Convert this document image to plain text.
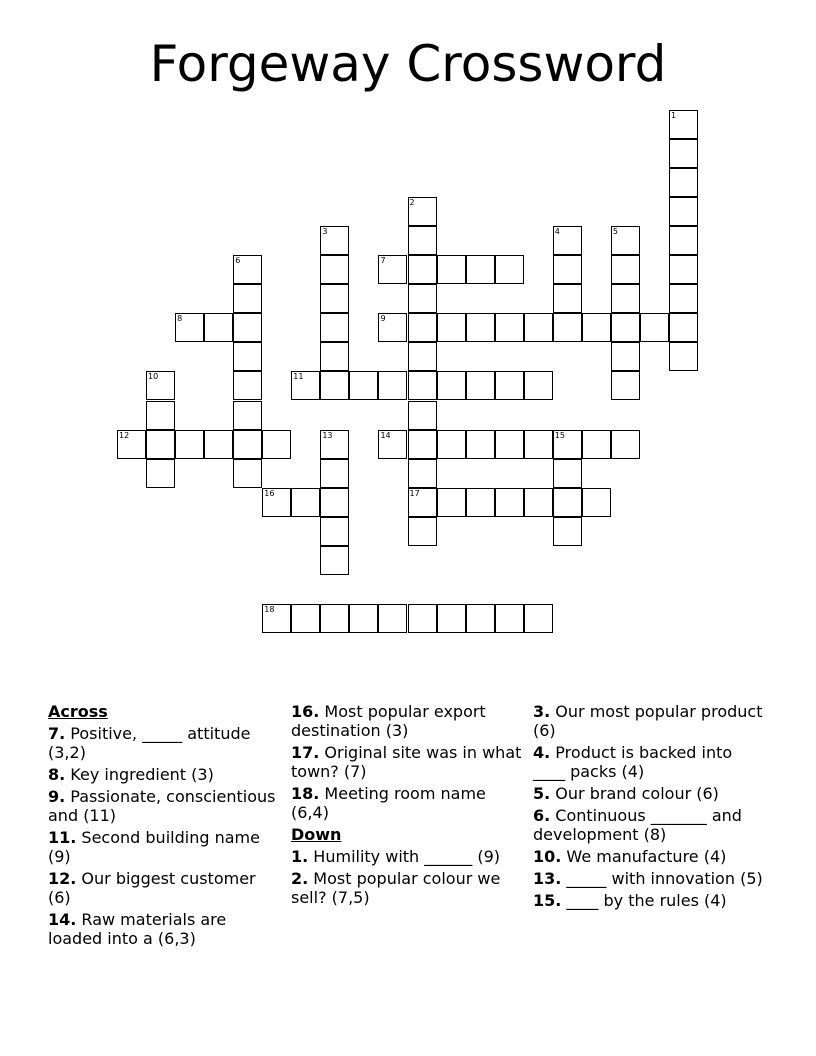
Forgeway Crossword
1
2
3	4	5
6	7
8	9
10	11
12	13	14	15
16	17
18
Across
7. Positive, _____ attitude (3,2)
8. Key ingredient (3)
9. Passionate, conscientious and (11)
11. Second building name (9)
12. Our biggest customer (6)
14. Raw materials are loaded into a (6,3)
16. Most popular export destination (3)
17. Original site was in what town? (7)
18. Meeting room name (6,4)
Down
1. Humility with ______ (9)
2. Most popular colour we sell? (7,5)
3. Our most popular product (6)
4. Product is backed into ____ packs (4)
5. Our brand colour (6)
6. Continuous _______ and development (8)
10. We manufacture (4)
13. _____ with innovation (5)
15. ____ by the rules (4)
